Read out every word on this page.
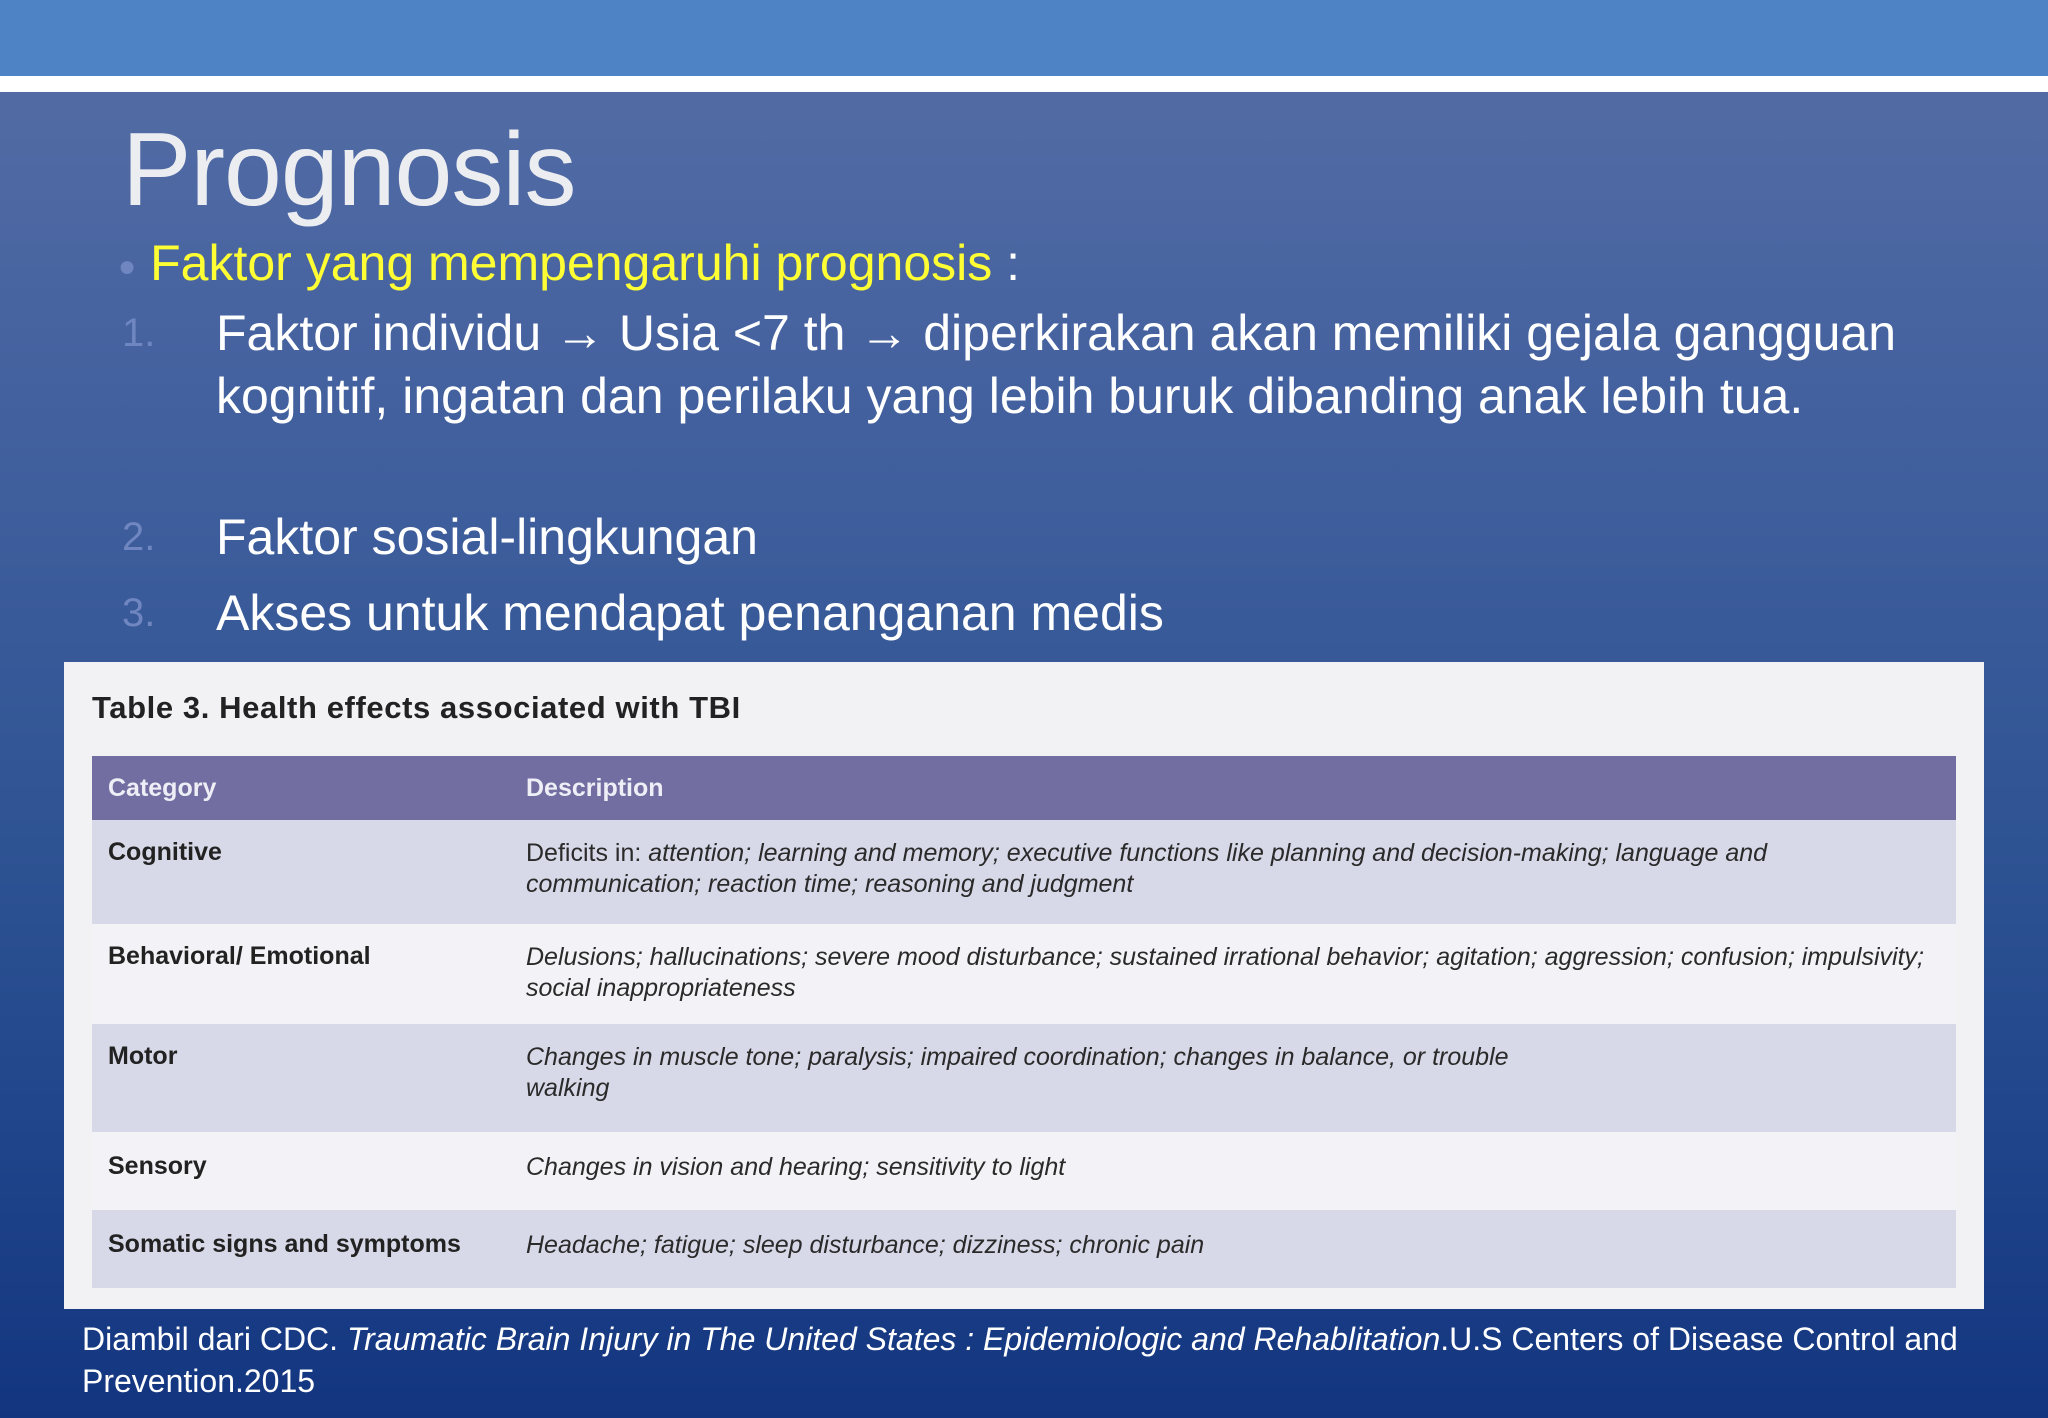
Prognosis
● Faktor yang mempengaruhi prognosis :
1. Faktor individu → Usia <7 th → diperkirakan akan memiliki gejala gangguan kognitif, ingatan dan perilaku yang lebih buruk dibanding anak lebih tua.
2. Faktor sosial-lingkungan
3. Akses untuk mendapat penanganan medis
Table 3. Health effects associated with TBI
Category	Description
Cognitive	Deficits in: attention; learning and memory; executive functions like planning and decision-making; language and communication; reaction time; reasoning and judgment
Behavioral/ Emotional	Delusions; hallucinations; severe mood disturbance; sustained irrational behavior; agitation; aggression; confusion; impulsivity; social inappropriateness
Motor	Changes in muscle tone; paralysis; impaired coordination; changes in balance, or trouble walking
Sensory	Changes in vision and hearing; sensitivity to light
Somatic signs and symptoms	Headache; fatigue; sleep disturbance; dizziness; chronic pain
Diambil dari CDC. Traumatic Brain Injury in The United States : Epidemiologic and Rehablitation.U.S Centers of Disease Control and Prevention.2015
